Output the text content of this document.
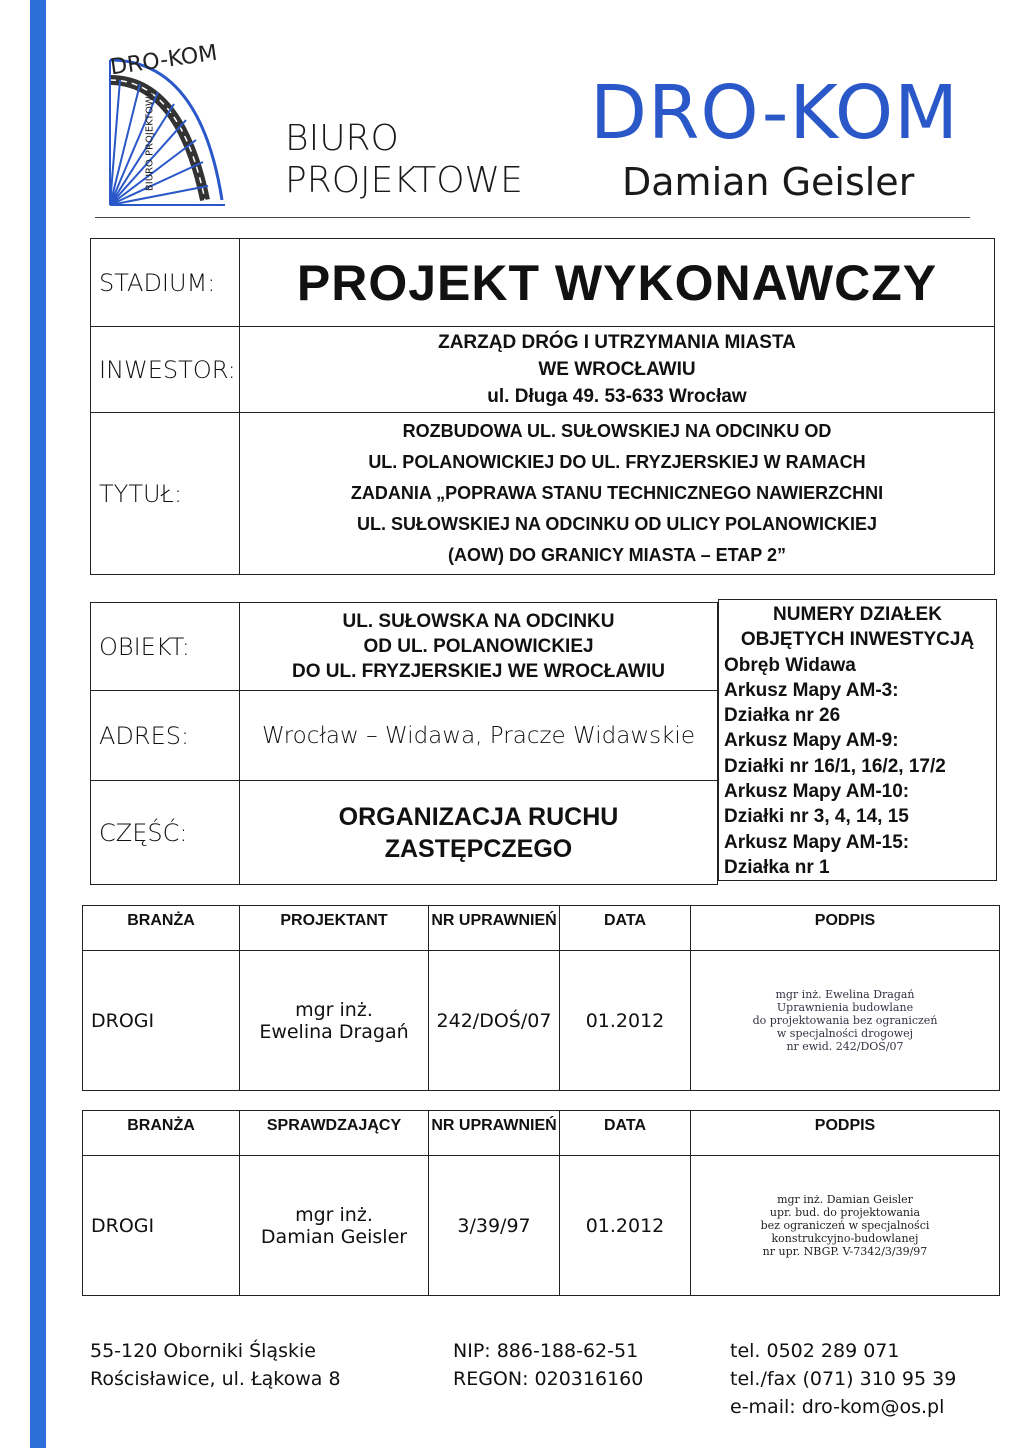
DRO-KOM
BIURO PROJEKTOWE	BIURO
PROJEKTOWE
DRO-KOM
Damian Geisler
STADIUM:	PROJEKT WYKONAWCZY
INWESTOR:	ZARZĄD DRÓG I UTRZYMANIA MIASTA
WE WROCŁAWIU
ul. Długa 49. 53-633 Wrocław

TYTUŁ:	ROZBUDOWA UL. SUŁOWSKIEJ NA ODCINKU OD
UL. POLANOWICKIEJ DO UL. FRYZJERSKIEJ W RAMACH
ZADANIA „POPRAWA STANU TECHNICZNEGO NAWIERZCHNI
UL. SUŁOWSKIEJ NA ODCINKU OD ULICY POLANOWICKIEJ
(AOW) DO GRANICY MIASTA – ETAP 2”
OBIEKT:	UL. SUŁOWSKA NA ODCINKU
OD UL. POLANOWICKIEJ
DO UL. FRYZJERSKIEJ WE WROCŁAWIU

ADRES:	Wrocław – Widawa, Pracze Widawskie
CZĘŚĆ:	ORGANIZACJA RUCHU
ZASTĘPCZEGO
NUMERY DZIAŁEK
OBJĘTYCH INWESTYCJĄ
Obręb Widawa
Arkusz Mapy AM-3:
Działka nr 26
Arkusz Mapy AM-9:
Działki nr 16/1, 16/2, 17/2
Arkusz Mapy AM-10:
Działki nr 3, 4, 14, 15
Arkusz Mapy AM-15:
Działka nr 1
BRANŻA	PROJEKTANT	NR UPRAWNIEŃ	DATA	PODPIS
DROGI	mgr inż. Ewelina Dragań	242/DOŚ/07	01.2012	mgr inż. Ewelina Dragań
Uprawnienia budowlane
do projektowania bez ograniczeń
w specjalności drogowej
nr ewid. 242/DOŚ/07
BRANŻA	SPRAWDZAJĄCY	NR UPRAWNIEŃ	DATA	PODPIS
DROGI	mgr inż. Damian Geisler	3/39/97	01.2012	mgr inż. Damian Geisler
upr. bud. do projektowania
bez ograniczeń w specjalności
konstrukcyjno-budowlanej
nr upr. NBGP. V-7342/3/39/97
55-120 Oborniki Śląskie
Rościsławice, ul. Łąkowa 8
NIP: 886-188-62-51
REGON: 020316160
tel. 0502 289 071
tel./fax (071) 310 95 39
e-mail: dro-kom@os.pl
